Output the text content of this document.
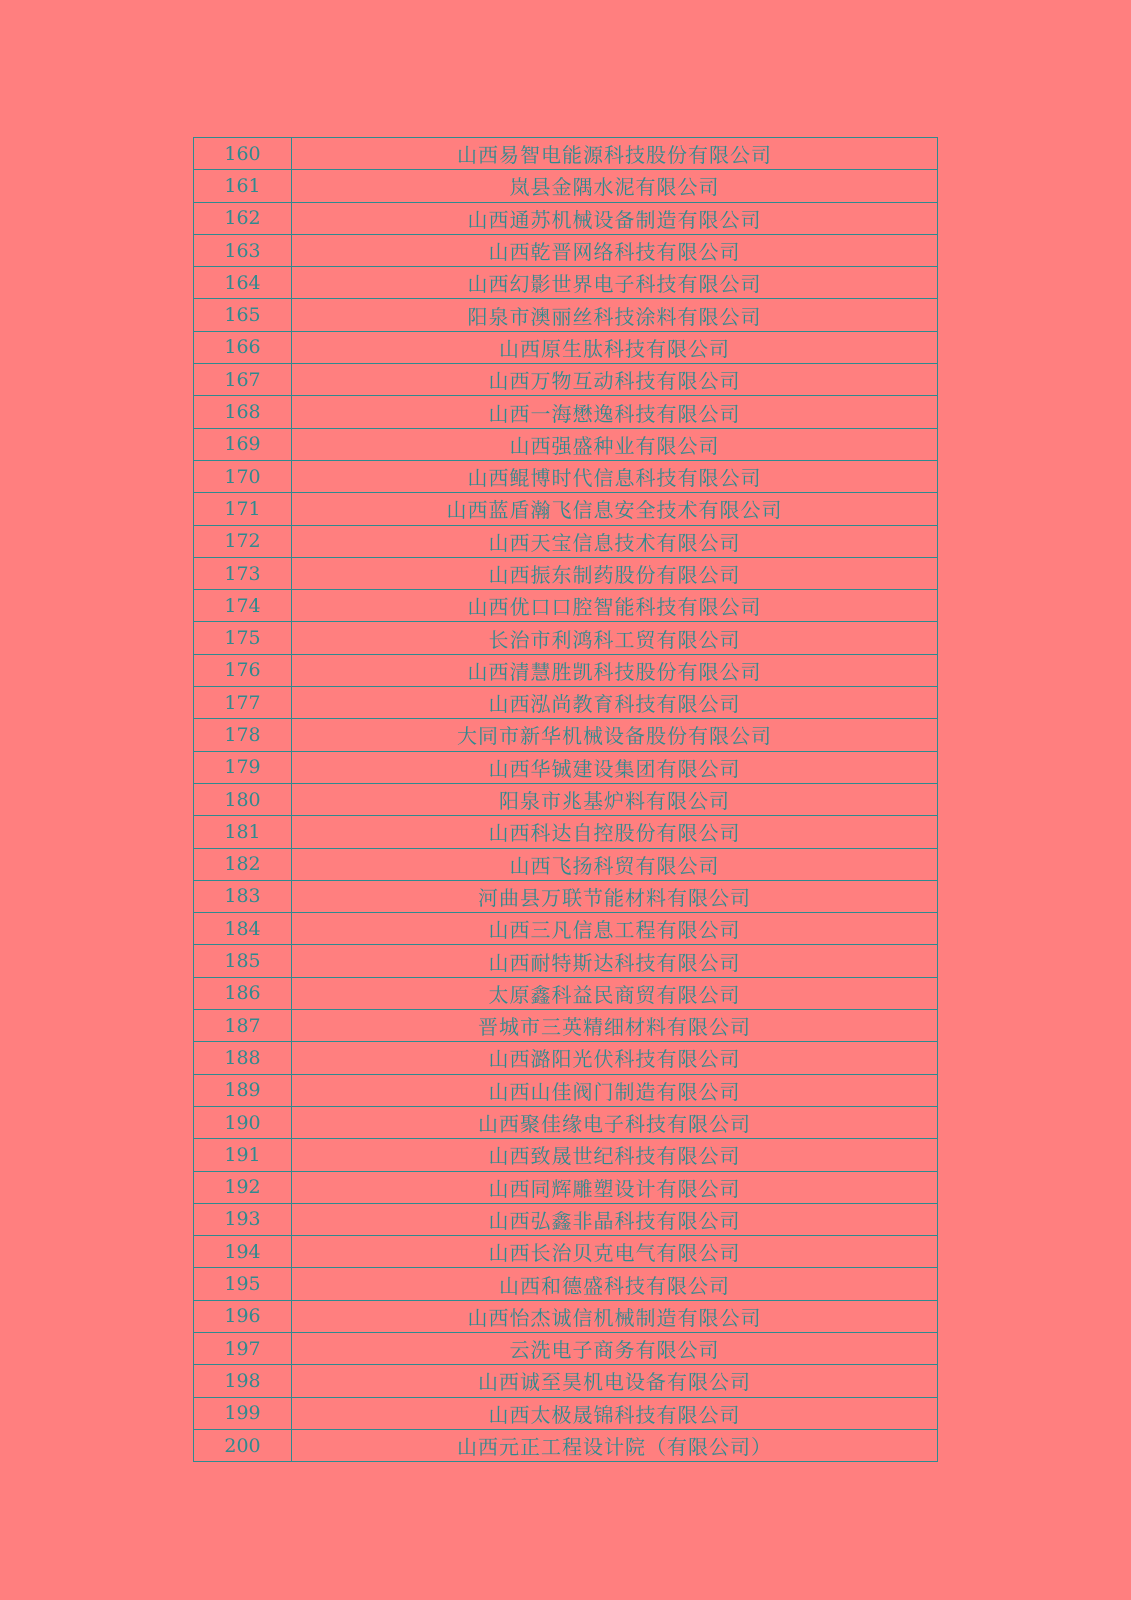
160	山西易智电能源科技股份有限公司
161	岚县金隅水泥有限公司
162	山西通苏机械设备制造有限公司
163	山西乾晋网络科技有限公司
164	山西幻影世界电子科技有限公司
165	阳泉市澳丽丝科技涂料有限公司
166	山西原生肽科技有限公司
167	山西万物互动科技有限公司
168	山西一海懋逸科技有限公司
169	山西强盛种业有限公司
170	山西鲲博时代信息科技有限公司
171	山西蓝盾瀚飞信息安全技术有限公司
172	山西天宝信息技术有限公司
173	山西振东制药股份有限公司
174	山西优口口腔智能科技有限公司
175	长治市利鸿科工贸有限公司
176	山西清慧胜凯科技股份有限公司
177	山西泓尚教育科技有限公司
178	大同市新华机械设备股份有限公司
179	山西华铖建设集团有限公司
180	阳泉市兆基炉料有限公司
181	山西科达自控股份有限公司
182	山西飞扬科贸有限公司
183	河曲县万联节能材料有限公司
184	山西三凡信息工程有限公司
185	山西耐特斯达科技有限公司
186	太原鑫科益民商贸有限公司
187	晋城市三英精细材料有限公司
188	山西潞阳光伏科技有限公司
189	山西山佳阀门制造有限公司
190	山西聚佳缘电子科技有限公司
191	山西致晟世纪科技有限公司
192	山西同辉雕塑设计有限公司
193	山西弘鑫非晶科技有限公司
194	山西长治贝克电气有限公司
195	山西和德盛科技有限公司
196	山西怡杰诚信机械制造有限公司
197	云洗电子商务有限公司
198	山西诚至昊机电设备有限公司
199	山西太极晟锦科技有限公司
200	山西元正工程设计院（有限公司）
